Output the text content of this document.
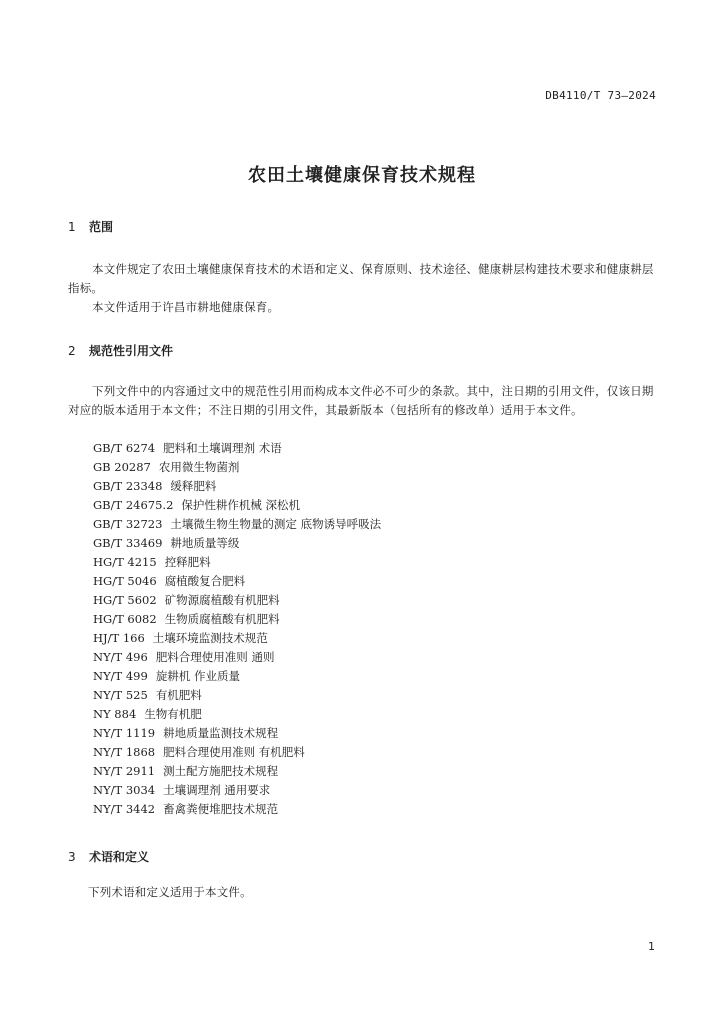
DB4110/T 73—2024
农田土壤健康保育技术规程
1 范围
本文件规定了农田土壤健康保育技术的术语和定义、保育原则、技术途径、健康耕层构建技术要求和健康耕层指标。
本文件适用于许昌市耕地健康保育。
2 规范性引用文件
下列文件中的内容通过文中的规范性引用而构成本文件必不可少的条款。其中，注日期的引用文件，仅该日期对应的版本适用于本文件；不注日期的引用文件，其最新版本（包括所有的修改单）适用于本文件。
GB/T 6274 肥料和土壤调理剂 术语
GB 20287 农用微生物菌剂
GB/T 23348 缓释肥料
GB/T 24675.2 保护性耕作机械 深松机
GB/T 32723 土壤微生物生物量的测定 底物诱导呼吸法
GB/T 33469 耕地质量等级
HG/T 4215 控释肥料
HG/T 5046 腐植酸复合肥料
HG/T 5602 矿物源腐植酸有机肥料
HG/T 6082 生物质腐植酸有机肥料
HJ/T 166 土壤环境监测技术规范
NY/T 496 肥料合理使用准则 通则
NY/T 499 旋耕机 作业质量
NY/T 525 有机肥料
NY 884 生物有机肥
NY/T 1119 耕地质量监测技术规程
NY/T 1868 肥料合理使用准则 有机肥料
NY/T 2911 测土配方施肥技术规程
NY/T 3034 土壤调理剂 通用要求
NY/T 3442 畜禽粪便堆肥技术规范
3 术语和定义
下列术语和定义适用于本文件。
1
